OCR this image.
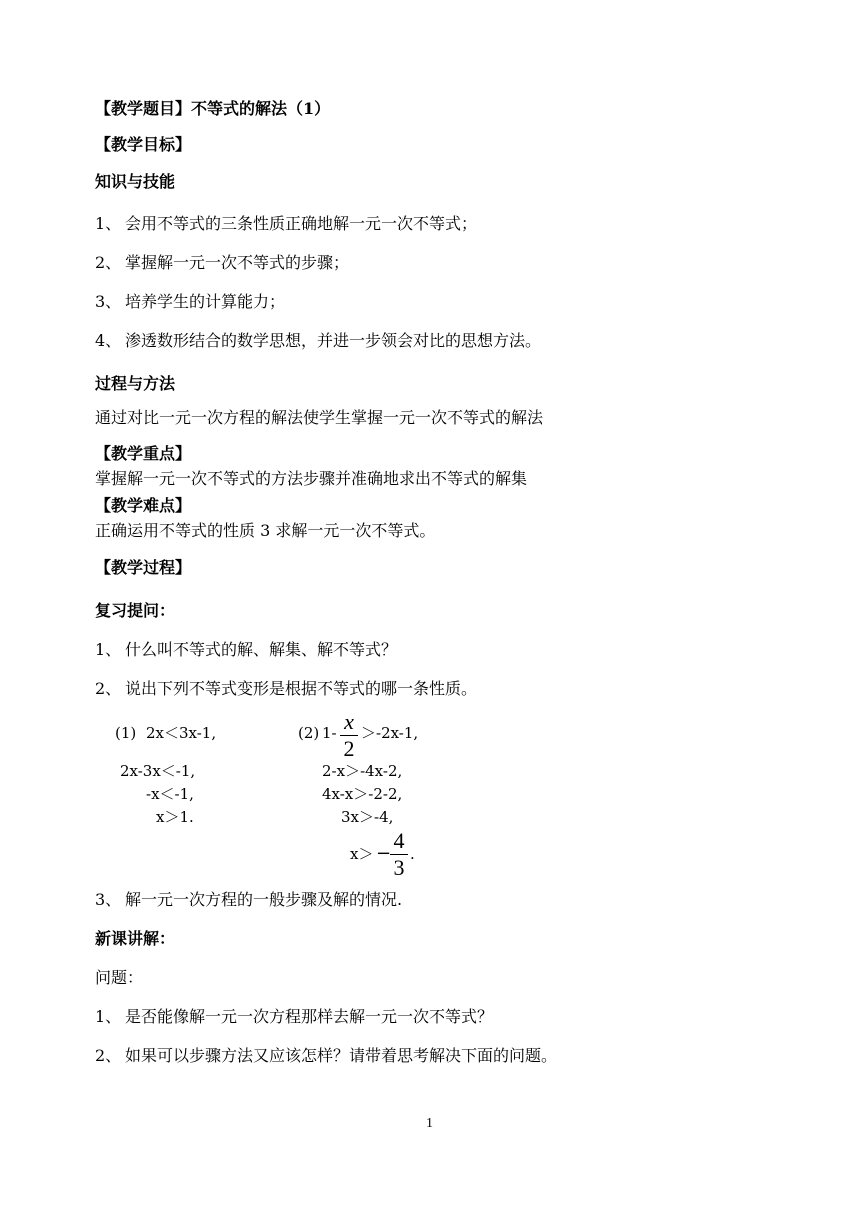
【教学题目】不等式的解法（1）
【教学目标】
知识与技能
1、 会用不等式的三条性质正确地解一元一次不等式；
2、 掌握解一元一次不等式的步骤；
3、 培养学生的计算能力；
4、 渗透数形结合的数学思想，并进一步领会对比的思想方法。
过程与方法
通过对比一元一次方程的解法使学生掌握一元一次不等式的解法
【教学重点】
掌握解一元一次不等式的方法步骤并准确地求出不等式的解集
【教学难点】
正确运用不等式的性质 3 求解一元一次不等式。
【教学过程】
复习提问：
1、 什么叫不等式的解、解集、解不等式？
2、 说出下列不等式变形是根据不等式的哪一条性质。
(1) 2x＜3x-1,
2x-3x＜-1,
-x＜-1,
x＞1.
(2) 1- x
2
＞-2x-1,
2-x＞-4x-2,
4x-x＞-2-2,
3x＞-4,
x＞ −
4
3
.
3、 解一元一次方程的一般步骤及解的情况.
新课讲解：
问题：
1、 是否能像解一元一次方程那样去解一元一次不等式？
2、 如果可以步骤方法又应该怎样？请带着思考解决下面的问题。
1
